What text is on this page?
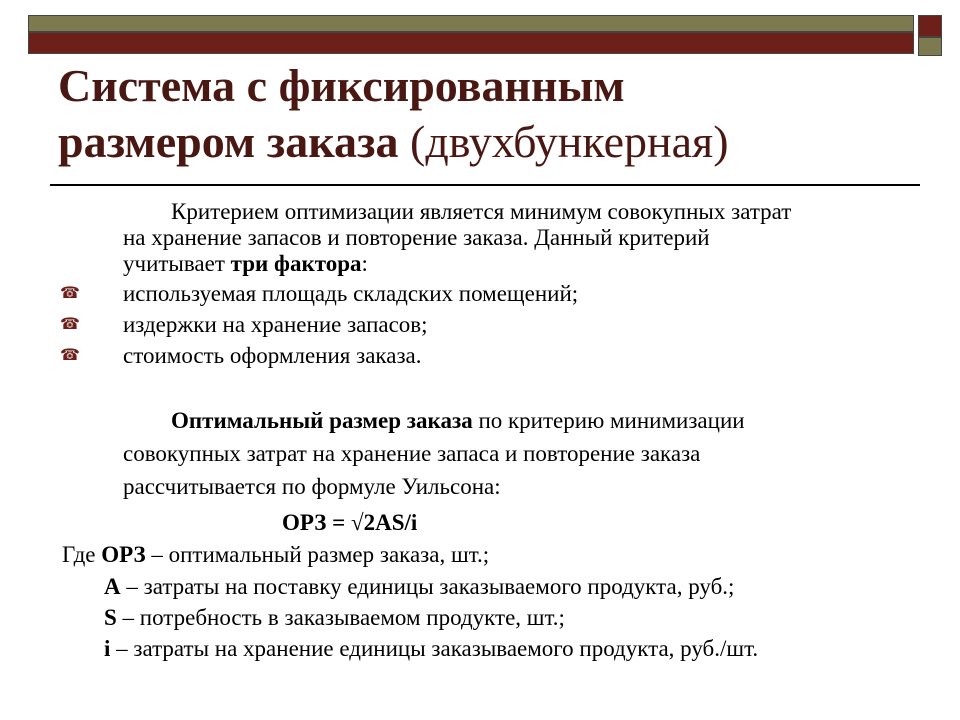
Система с фиксированным
размером заказа (двухбункерная)
Критерием оптимизации является минимум совокупных затрат
на хранение запасов и повторение заказа. Данный критерий
учитывает три фактора:
☎ используемая площадь складских помещений;
☎ издержки на хранение запасов;
☎ стоимость оформления заказа.
Оптимальный размер заказа по критерию минимизации
совокупных затрат на хранение запаса и повторение заказа
рассчитывается по формуле Уильсона:
ОРЗ = √2AS/i
Где ОРЗ – оптимальный размер заказа, шт.;
А – затраты на поставку единицы заказываемого продукта, руб.;
S – потребность в заказываемом продукте, шт.;
i – затраты на хранение единицы заказываемого продукта, руб./шт.
